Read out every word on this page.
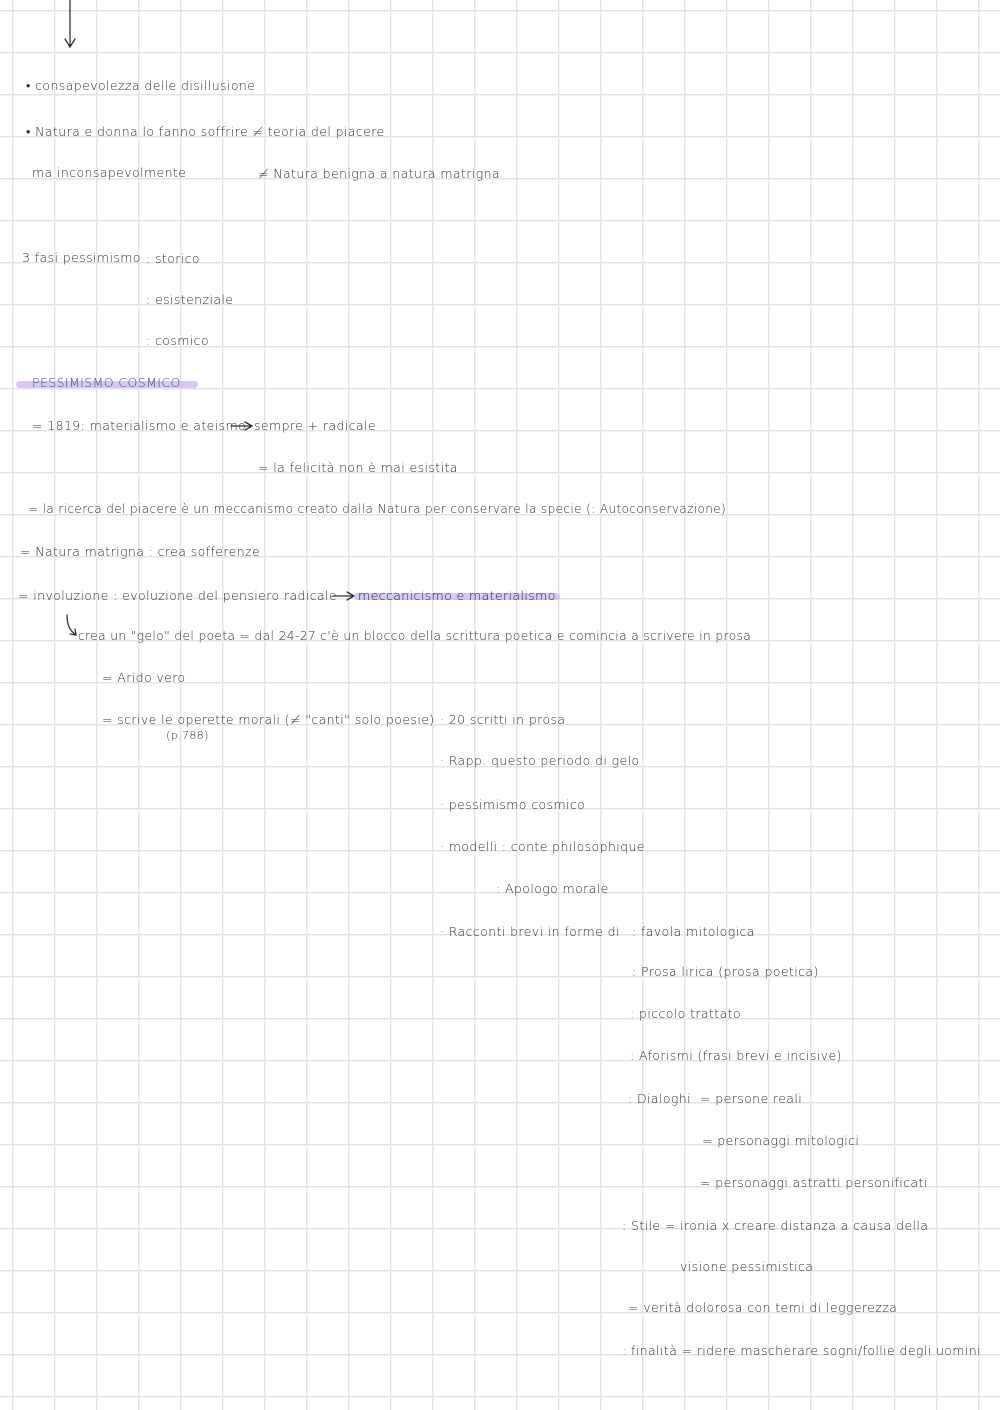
• consapevolezza delle disillusione
• Natura e donna lo fanno soffrire ≠ teoria del piacere
ma inconsapevolmente	≠ Natura benigna a natura matrigna
3 fasi pessimismo : storico
: esistenziale
: cosmico
PESSIMISMO COSMICO
= 1819: materialismo e ateismo sempre + radicale
= la felicità non è mai esistita
= la ricerca del piacere è un meccanismo creato dalla Natura per conservare la specie (: Autoconservazione)
= Natura matrigna : crea sofferenze
= involuzione : evoluzione del pensiero radicale meccanicismo e materialismo
crea un "gelo" del poeta = dal 24-27 c'è un blocco della scrittura poetica e comincia a scrivere in prosa
= Arido vero
= scrive le operette morali (≠ "canti" solo poesie)
(p.788)
· 20 scritti in prosa
· Rapp. questo periodo di gelo
· pessimismo cosmico
· modelli : conte philosophique
: Apologo morale
· Racconti brevi in forme di : favola mitologica
: Prosa lirica (prosa poetica)
: piccolo trattato
: Aforismi (frasi brevi e incisive)
: Dialoghi = persone reali
= personaggi mitologici
= personaggi astratti personificati
: Stile = ironia x creare distanza a causa della
visione pessimistica
= verità dolorosa con temi di leggerezza
: finalità = ridere mascherare sogni/follie degli uomini
